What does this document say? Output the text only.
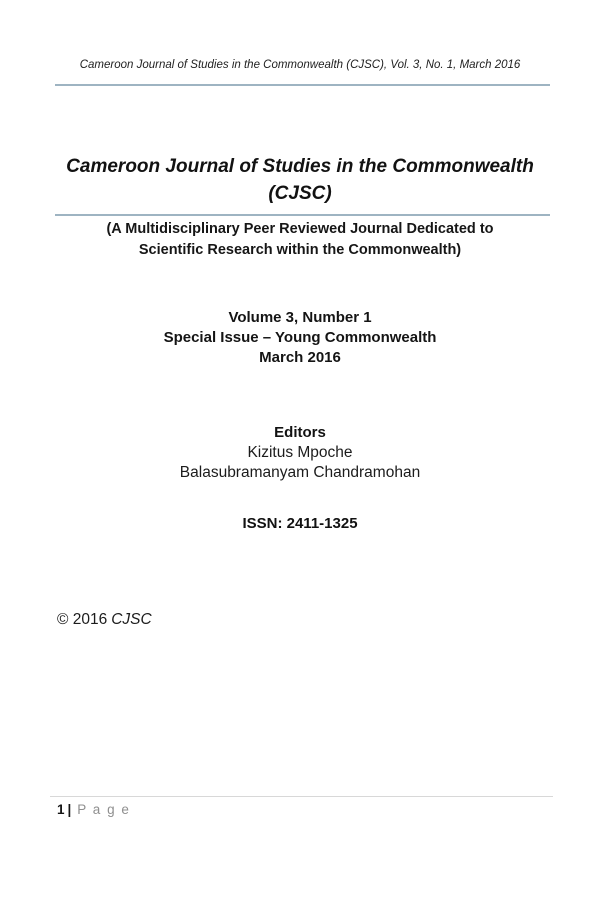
Cameroon Journal of Studies in the Commonwealth (CJSC), Vol. 3, No. 1, March 2016
Cameroon Journal of Studies in the Commonwealth
(CJSC)
(A Multidisciplinary Peer Reviewed Journal Dedicated to
Scientific Research within the Commonwealth)
Volume 3, Number 1
Special Issue – Young Commonwealth
March 2016
Editors
Kizitus Mpoche
Balasubramanyam Chandramohan
ISSN: 2411-1325
© 2016 CJSC
1 | P a g e
